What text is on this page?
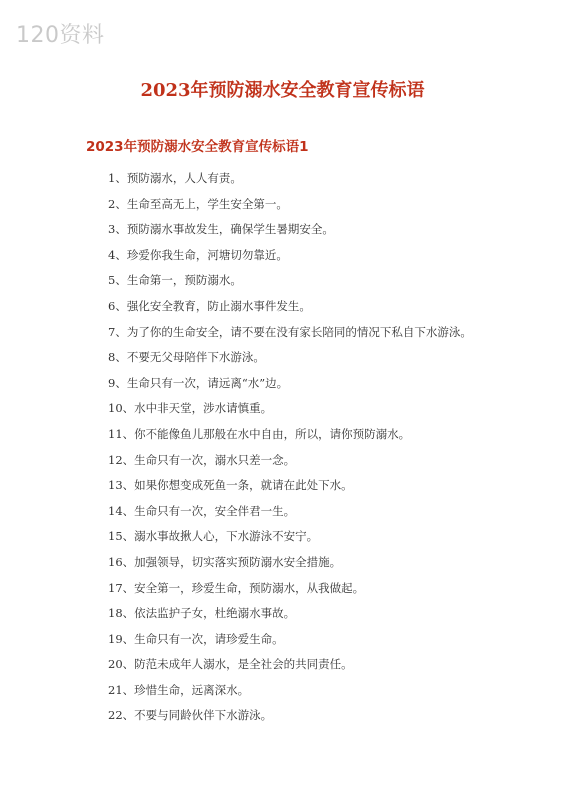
120资料
2023年预防溺水安全教育宣传标语
2023年预防溺水安全教育宣传标语1
1、预防溺水，人人有责。
2、生命至高无上，学生安全第一。
3、预防溺水事故发生，确保学生暑期安全。
4、珍爱你我生命，河塘切勿靠近。
5、生命第一，预防溺水。
6、强化安全教育，防止溺水事件发生。
7、为了你的生命安全，请不要在没有家长陪同的情况下私自下水游泳。
8、不要无父母陪伴下水游泳。
9、生命只有一次，请远离“水”边。
10、水中非天堂，涉水请慎重。
11、你不能像鱼儿那般在水中自由，所以，请你预防溺水。
12、生命只有一次，溺水只差一念。
13、如果你想变成死鱼一条，就请在此处下水。
14、生命只有一次，安全伴君一生。
15、溺水事故揪人心，下水游泳不安宁。
16、加强领导，切实落实预防溺水安全措施。
17、安全第一，珍爱生命，预防溺水，从我做起。
18、依法监护子女，杜绝溺水事故。
19、生命只有一次，请珍爱生命。
20、防范未成年人溺水，是全社会的共同责任。
21、珍惜生命，远离深水。
22、不要与同龄伙伴下水游泳。
